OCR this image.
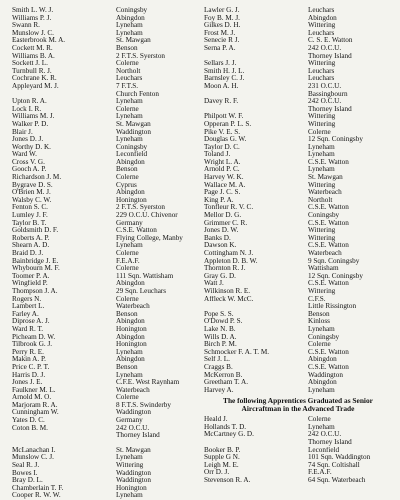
Smith L. W. J.	Coningsby
Williams P. J.	Abingdon
Swann R.	Lyneham
Munslow J. C.	Lyneham
Easterbrook M. A.	St. Mawgan
Cockett M. R.	Benson
Williams B. A.	2 F.T.S. Syerston
Sockett J. L.	Colerne
Turnbull R. J.	Northolt
Cochrane K. R.	Leuchars
Appleyard M. J.	7 F.T.S.
Church Fenton
Upton R. A.	Lyneham
Lock I. R.	Colerne
Williams M. J.	Lyneham
Walker P. D.	St. Mawgan
Blair J.	Waddington
Jones D. J.	Lyneham
Worthy D. K.	Coningsby
Ward W.	Leconfield
Cross V. G.	Abingdon
Gooch A. P.	Benson
Richardson J. M.	Colerne
Bygrave D. S.	Cyprus
O'Brien M. J.	Abingdon
Walsby C. W.	Honington
Fenton S. C.	2 F.T.S. Syerston
Lumley J. F.	229 O.C.U. Chivenor
Taylor B. T.	Germany
Goldsmith D. F.	C.S.E. Watton
Roberts A. P.	Flying College, Manby
Shearn A. D.	Lyneham
Braid D. J.	Colerne
Bainbridge J. E.	F.E.A.F.
Whybourn M. F.	Colerne
Toomer P. A.	111 Sqn. Wattisham
Wingfield P.	Abingdon
Thompson J. A.	29 Sqn. Leuchars
Rogers N.	Colerne
Lambert L.	Waterbeach
Farley A.	Benson
Diprose A. J.	Abingdon
Ward R. T.	Honington
Picheam D. W.	Abingdon
Tilbrook G. J.	Honington
Perry R. E.	Lyneham
Makin A. P.	Abingdon
Price C. P. T.	Benson
Harris D. J.	Lyneham
Jones J. E.	C.F.E. West Raynham
Faulkner M. L.	Waterbeach
Arnold M. O.	Colerne
Marjoram R. A.	8 F.T.S. Swinderby
Cunningham W.	Waddington
Yates D. C.	Germany
Coton B. M.	242 O.C.U.
Thorney Island
McLanachan I.	St. Mawgan
Munslow C. J.	Lyneham
Seal R. J.	Wittering
Bowes I.	Waddington
Bray D. L.	Waddington
Chamberlain T. F.	Honington
Cooper R. W. W.	Lyneham
Lawler G. J.	Leuchars
Foy B. M. J.	Abingdon
Gilkes D. H.	Wittering
Frost M. J.	Leuchars
Senecie R J.	C. S. E. Watton
Serna P. A.	242 O.C.U.
Thorney Island
Sellars J. J.	Wittering
Smith H. J. L.	Leuchars
Barnsley C. J.	Leuchars
Moon A. H.	231 O.C.U.
Bassingbourn
Davey R. F.	242 O.C.U.
Thorney Island
Philpott W. F.	Wittering
Opperan P. L. S.	Wittering
Pike V. E. S.	Colerne
Douglas G. W.	12 Sqn. Coningsby
Taylor D. C.	Lyneham
Toland J.	Lyneham
Wright L. A.	C.S.E. Watton
Arnold P. C.	Lyneham
Harvey W. K.	St. Mawgan
Wallace M. A.	Wittering
Page J. C. S.	Waterbeach
King P. A.	Northolt
Tonfleur R. V. C.	C.S.E. Watton
Mellor D. G.	Coningsby
Grimmer C. R.	C.S.E. Watton
Jones D. W.	Wittering
Banks D.	Wittering
Dawson K.	C.S.E. Watton
Cottingham N. J.	Waterbeach
Appleton D. B. W.	9 Sqn. Coningsby
Thornton R. J.	Wattisham
Gray G. D.	12 Sqn. Coningsby
Watt J.	C.S.E. Watton
Wilkinson R. E.	Wittering
Affleck W. McC.	C.F.S.
Little Rissington
Pope S. S.	Benson
O'Dowd P. S.	Kinloss
Lake N. B.	Lyneham
Wills D. A.	Coningsby
Birch P. M.	Colerne
Schmocker F. A. T. M.	C.S.E. Watton
Self J. L.	Abingdon
Craggs B.	C.S.E. Watton
McKerron B.	Waddington
Greetham T. A.	Abingdon
Harvey A.	Lyneham
The following Apprentices Graduated as Senior Aircraftman in the Advanced Trade
Heald J.	Colerne
Hollands T. D.	Lyneham
McCartney G. D.	242 O.C.U.
Thorney Island
Booker B. P.	Leconfield
Supple G N.	101 Sqn. Waddington
Leigh M. E.	74 Sqn. Coltishall
Orr D. J.	F.E.A.F.
Stevenson R. A.	64 Sqn. Waterbeach
